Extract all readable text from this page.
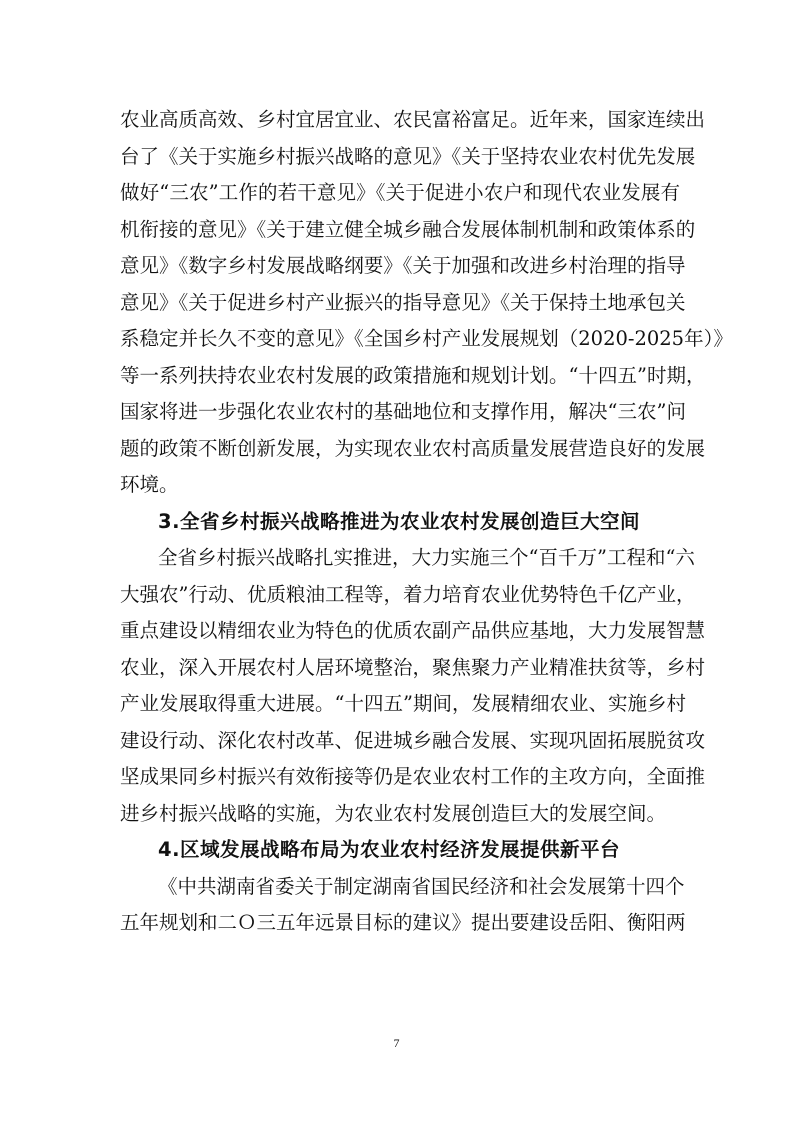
农业高质高效、乡村宜居宜业、农民富裕富足。近年来，国家连续出
台了《关于实施乡村振兴战略的意见》《关于坚持农业农村优先发展
做好“三农”工作的若干意见》《关于促进小农户和现代农业发展有
机衔接的意见》《关于建立健全城乡融合发展体制机制和政策体系的
意见》《数字乡村发展战略纲要》《关于加强和改进乡村治理的指导
意见》《关于促进乡村产业振兴的指导意见》《关于保持土地承包关
系稳定并长久不变的意见》《全国乡村产业发展规划（2020-2025年）》
等一系列扶持农业农村发展的政策措施和规划计划。“十四五”时期，
国家将进一步强化农业农村的基础地位和支撑作用，解决“三农”问
题的政策不断创新发展，为实现农业农村高质量发展营造良好的发展
环境。
3.全省乡村振兴战略推进为农业农村发展创造巨大空间
全省乡村振兴战略扎实推进，大力实施三个“百千万”工程和“六
大强农”行动、优质粮油工程等，着力培育农业优势特色千亿产业，
重点建设以精细农业为特色的优质农副产品供应基地，大力发展智慧
农业，深入开展农村人居环境整治，聚焦聚力产业精准扶贫等，乡村
产业发展取得重大进展。“十四五”期间，发展精细农业、实施乡村
建设行动、深化农村改革、促进城乡融合发展、实现巩固拓展脱贫攻
坚成果同乡村振兴有效衔接等仍是农业农村工作的主攻方向，全面推
进乡村振兴战略的实施，为农业农村发展创造巨大的发展空间。
4.区域发展战略布局为农业农村经济发展提供新平台
《中共湖南省委关于制定湖南省国民经济和社会发展第十四个
五年规划和二Ｏ三五年远景目标的建议》提出要建设岳阳、衡阳两
7
